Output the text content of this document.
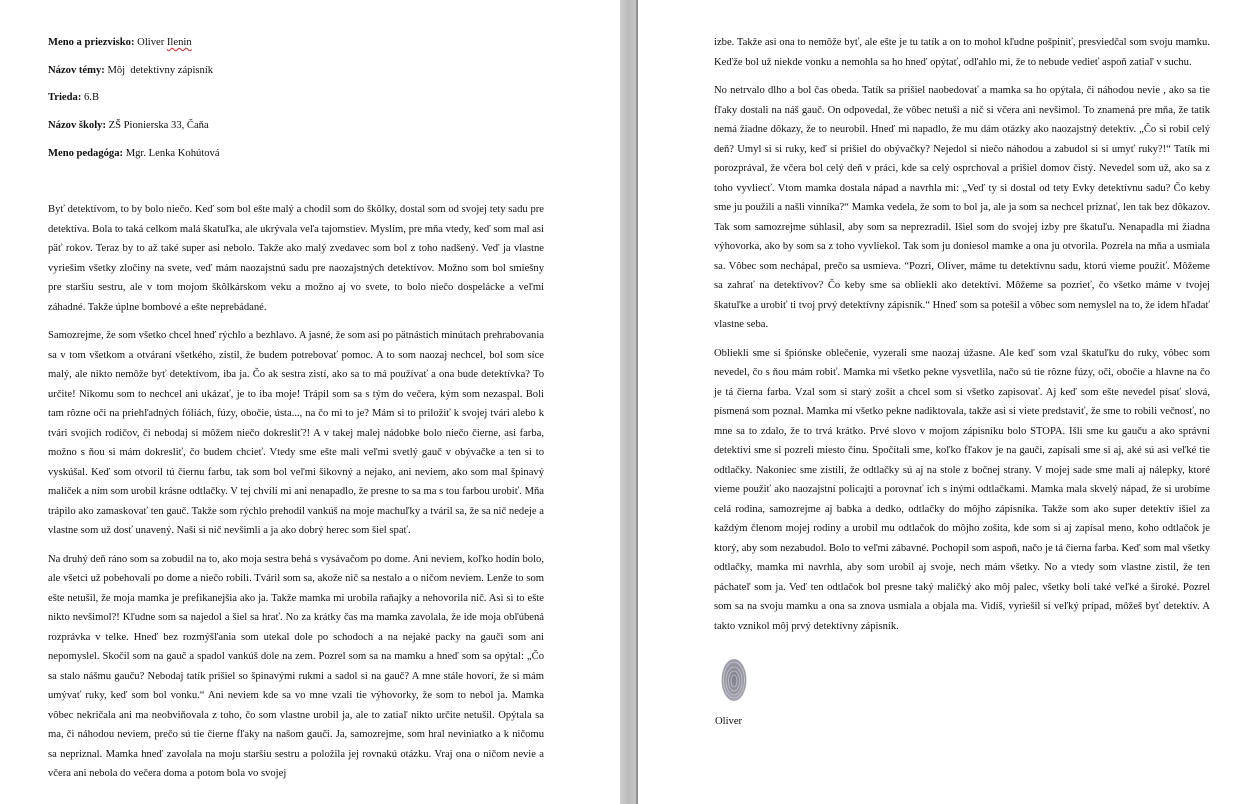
Meno a priezvisko: Oliver Ilenin
Názov témy: Môj  detektívny zápisník
Trieda: 6.B
Názov školy: ZŠ Pionierska 33, Čaňa
Meno pedagóga: Mgr. Lenka Kohútová

Byť detektívom, to by bolo niečo. Keď som bol ešte malý a chodil som do škôlky, dostal som od svojej tety sadu pre detektíva. Bola to taká celkom malá škatuľka, ale ukrývala veľa tajomstiev. Myslím, pre mňa vtedy, keď som mal asi päť rokov. Teraz by to až také super asi nebolo. Takže ako malý zvedavec som bol z toho nadšený. Veď ja vlastne vyriešim všetky zločiny na svete, veď mám naozajstnú sadu pre naozajstných detektívov. Možno som bol smiešny pre staršiu sestru, ale v tom mojom škôlkárskom veku a možno aj vo svete, to bolo niečo dospelácke a veľmi záhadné. Takže úplne bombové a ešte neprebádané.

Samozrejme, že som všetko chcel hneď rýchlo a bezhlavo. A jasné, že som asi po pätnástich minútach prehrabovania sa v tom všetkom a otváraní všetkého, zistil, že budem potrebovať pomoc. A to som naozaj nechcel, bol som síce malý, ale nikto nemôže byť detektívom, iba ja. Čo ak sestra zistí, ako sa to má používať a ona bude detektívka? To určite! Nikomu som to nechcel ani ukázať, je to iba moje! Trápil som sa s tým do večera, kým som nezaspal. Boli tam rôzne oči na priehľadných fóliách, fúzy, obočie, ústa..., na čo mi to je? Mám si to priložiť k svojej tvári alebo k tvári svojich rodičov, či nebodaj si môžem niečo dokresliť?! A v takej malej nádobke bolo niečo čierne, asi farba, možno s ňou si mám dokresliť, čo budem chcieť. Vtedy sme ešte mali veľmi svetlý gauč v obývačke a ten si to vyskúšal. Keď som otvoril tú čiernu farbu, tak som bol veľmi šikovný a nejako, ani neviem, ako som mal špinavý malíček a ním som urobil krásne odtlačky. V tej chvíli mi ani nenapadlo, že presne to sa ma s tou farbou urobiť. Mňa trápilo ako zamaskovať ten gauč. Takže som rýchlo prehodil vankúš na moje machuľky a tváril sa, že sa nič nedeje a vlastne som už dosť unavený. Naši si nič nevšimli a ja ako dobrý herec som šiel spať.

Na druhý deň ráno som sa zobudil na to, ako moja sestra behá s vysávačom po dome. Ani neviem, koľko hodín bolo, ale všetci už pobehovali po dome a niečo robili. Tváril som sa, akože nič sa nestalo a o ničom neviem. Lenže to som ešte netušil, že moja mamka je prefikanejšia ako ja. Takže mamka mi urobila raňajky a nehovorila nič. Asi si to ešte nikto nevšimol?! Kľudne som sa najedol a šiel sa hrať. No za krátky čas ma mamka zavolala, že ide moja obľúbená rozprávka v telke. Hneď bez rozmýšľania som utekal dole po schodoch a na nejaké packy na gauči som ani nepomyslel. Skočil som na gauč a spadol vankúš dole na zem. Pozrel som sa na mamku a hneď som sa opýtal: „Čo sa stalo nášmu gauču? Nebodaj tatík prišiel so špinavými rukmi a sadol si na gauč? A mne stále hovorí, že si mám umývať ruky, keď som bol vonku.“ Ani neviem kde sa vo mne vzali tie výhovorky, že som to nebol ja. Mamka vôbec nekričala ani ma neobviňovala z toho, čo som vlastne urobil ja, ale to zatiaľ nikto určite netušil. Opýtala sa ma, či náhodou neviem, prečo sú tie čierne fľaky na našom gauči. Ja, samozrejme, som hral neviniatko a k ničomu sa nepriznal. Mamka hneď zavolala na moju staršiu sestru a položila jej rovnakú otázku. Vraj ona o ničom nevie a včera ani nebola do večera doma a potom bola vo svojej

izbe. Takže asi ona to nemôže byť, ale ešte je tu tatík a on to mohol kľudne pošpiniť, presviedčal som svoju mamku. Keďže bol už niekde vonku a nemohla sa ho hneď opýtať, odľahlo mi, že to nebude vedieť aspoň zatiaľ v suchu.

No netrvalo dlho a bol čas obeda. Tatík sa prišiel naobedovať a mamka sa ho opýtala, či náhodou nevie , ako sa tie fľaky dostali na náš gauč. On odpovedal, že vôbec netuší a nič si včera ani nevšimol. To znamená pre mňa, že tatík nemá žiadne dôkazy, že to neurobil. Hneď mi napadlo, že mu dám otázky ako naozajstný detektív. „Čo si robil celý deň? Umyl si si ruky, keď si prišiel do obývačky? Nejedol si niečo náhodou a zabudol si si umyť ruky?!“ Tatík mi porozprával, že včera bol celý deň v práci, kde sa celý osprchoval a prišiel domov čistý. Nevedel som už, ako sa z toho vyvliecť. Vtom mamka dostala nápad a navrhla mi: „Veď ty si dostal od tety Evky detektívnu sadu? Čo keby sme ju použili a našli vinníka?“ Mamka vedela, že som to bol ja, ale ja som sa nechcel priznať, len tak bez dôkazov. Tak som samozrejme súhlasil, aby som sa neprezradil. Išiel som do svojej izby pre škatuľu. Nenapadla mi žiadna výhovorka, ako by som sa z toho vyvliekol. Tak som ju doniesol mamke a ona ju otvorila. Pozrela na mňa a usmiala sa. Vôbec som nechápal, prečo sa usmieva. “Pozri, Oliver, máme tu detektívnu sadu, ktorú vieme použiť. Môžeme sa zahrať na detektívov? Čo keby sme sa obliekli ako detektívi. Môžeme sa pozrieť, čo všetko máme v tvojej škatuľke a urobiť ti tvoj prvý detektívny zápisník.“ Hneď som sa potešil a vôbec som nemyslel na to, že idem hľadať vlastne seba.

Obliekli sme si špiónske oblečenie, vyzerali sme naozaj úžasne. Ale keď som vzal škatuľku do ruky, vôbec som nevedel, čo s ňou mám robiť. Mamka mi všetko pekne vysvetlila, načo sú tie rôzne fúzy, oči, obočie a hlavne na čo je tá čierna farba. Vzal som si starý zošit a chcel som si všetko zapisovať. Aj keď som ešte nevedel písať slová, písmená som poznal. Mamka mi všetko pekne nadiktovala, takže asi si viete predstaviť, že sme to robili večnosť, no mne sa to zdalo, že to trvá krátko. Prvé slovo v mojom zápisníku bolo STOPA. Išli sme ku gauču a ako správni detektívi sme si pozreli miesto činu. Spočítali sme, koľko fľakov je na gauči, zapísali sme si aj, aké sú asi veľké tie odtlačky. Nakoniec sme zistili, že odtlačky sú aj na stole z bočnej strany. V mojej sade sme mali aj nálepky, ktoré vieme použiť ako naozajstní policajti a porovnať ich s inými odtlačkami. Mamka mala skvelý nápad, že si urobíme celá rodina, samozrejme aj babka a dedko, odtlačky do môjho zápisníka. Takže som ako super detektív išiel za každým členom mojej rodiny a urobil mu odtlačok do môjho zošita, kde som si aj zapísal meno, koho odtlačok je ktorý, aby som nezabudol. Bolo to veľmi zábavné. Pochopil som aspoň, načo je tá čierna farba. Keď som mal všetky odtlačky, mamka mi navrhla, aby som urobil aj svoje, nech mám všetky. No a vtedy som vlastne zistil, že ten páchateľ som ja. Veď ten odtlačok bol presne taký maličký ako môj palec, všetky boli také veľké a široké. Pozrel som sa na svoju mamku a ona sa znova usmiala a objala ma. Vidíš, vyriešil si veľký prípad, môžeš byť detektív. A takto vznikol môj prvý detektívny zápisník.

Oliver
